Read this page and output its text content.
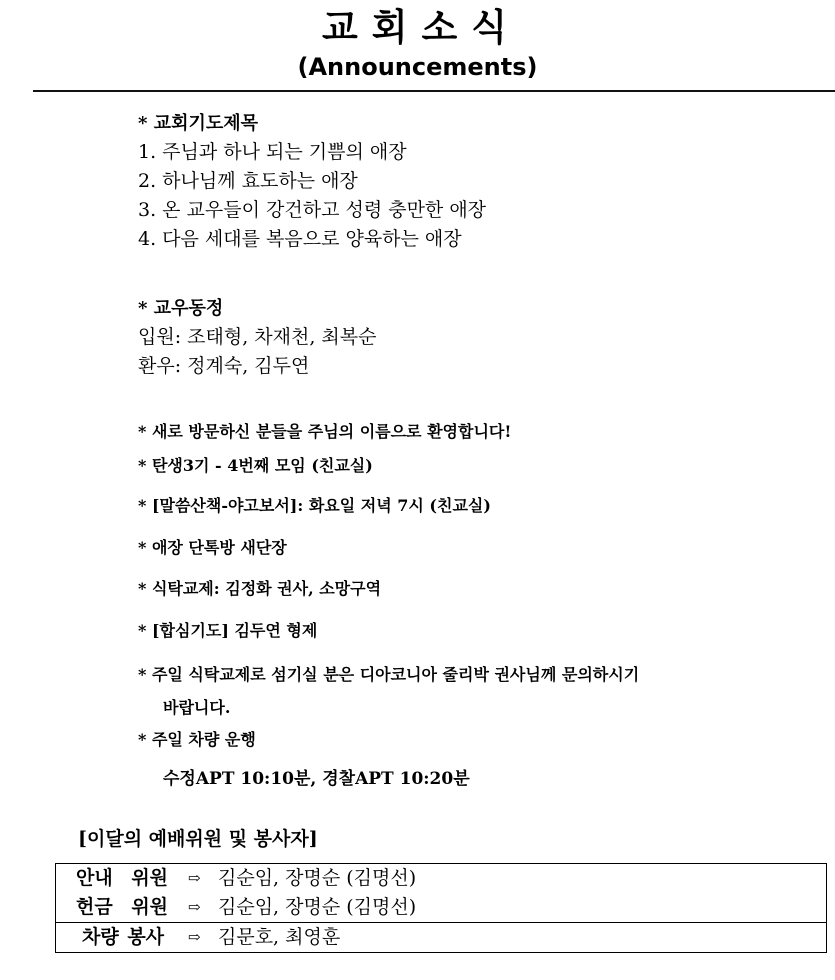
교회소식
(Announcements)
* 교회기도제목
1. 주님과 하나 되는 기쁨의 애장
2. 하나님께 효도하는 애장
3. 온 교우들이 강건하고 성령 충만한 애장
4. 다음 세대를 복음으로 양육하는 애장
* 교우동정
입원: 조태형, 차재천, 최복순
환우: 정계숙, 김두연
* 새로 방문하신 분들을 주님의 이름으로 환영합니다!
* 탄생3기 - 4번째 모임 (친교실)
* [말씀산책-야고보서]: 화요일 저녁 7시 (친교실)
* 애장 단톡방 새단장
* 식탁교제: 김정화 권사, 소망구역
* [합심기도] 김두연 형제
* 주일 식탁교제로 섬기실 분은 디아코니아 줄리박 권사님께 문의하시기
바랍니다.
* 주일 차량 운행
수정APT 10:10분, 경찰APT 10:20분
[이달의 예배위원 및 봉사자]
안내 위원	⇨ 김순임, 장명순 (김명선)
헌금 위원	⇨ 김순임, 장명순 (김명선)
차량 봉사	⇨ 김문호, 최영훈
